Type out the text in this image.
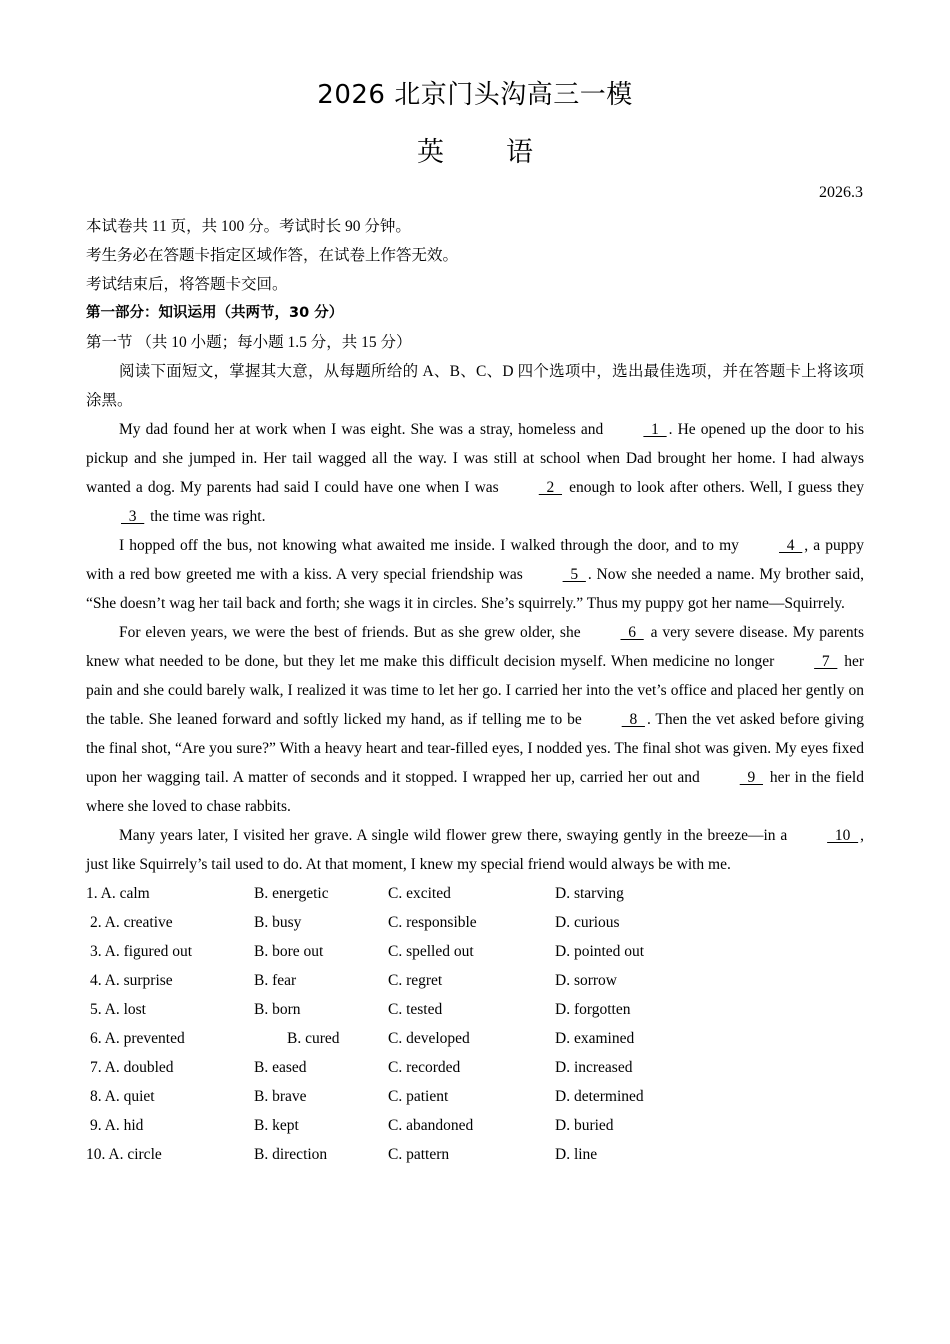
2026 北京门头沟高三一模
英 语
2026.3

本试卷共 11 页，共 100 分。考试时长 90 分钟。

考生务必在答题卡指定区域作答，在试卷上作答无效。

考试结束后，将答题卡交回。

第一部分：知识运用（共两节，30 分）

第一节 （共 10 小题；每小题 1.5 分，共 15 分）

阅读下面短文，掌握其大意，从每题所给的 A、B、C、D 四个选项中，选出最佳选项，并在答题卡上将该项涂黑。

My dad found her at work when I was eight. She was a stray, homeless and   1  . He opened up the door to his pickup and she jumped in. Her tail wagged all the way. I was still at school when Dad brought her home. I had always wanted a dog. My parents had said I could have one when I was   2   enough to look after others. Well, I guess they   3   the time was right.

I hopped off the bus, not knowing what awaited me inside. I walked through the door, and to my   4  , a puppy with a red bow greeted me with a kiss. A very special friendship was   5  . Now she needed a name. My brother said, “She doesn’t wag her tail back and forth; she wags it in circles. She’s squirrely.” Thus my puppy got her name—Squirrely.

For eleven years, we were the best of friends. But as she grew older, she   6   a very severe disease. My parents knew what needed to be done, but they let me make this difficult decision myself. When medicine no longer   7   her pain and she could barely walk, I realized it was time to let her go. I carried her into the vet’s office and placed her gently on the table. She leaned forward and softly licked my hand, as if telling me to be   8  . Then the vet asked before giving the final shot, “Are you sure?” With a heavy heart and tear-filled eyes, I nodded yes. The final shot was given. My eyes fixed upon her wagging tail. A matter of seconds and it stopped. I wrapped her up, carried her out and   9   her in the field where she loved to chase rabbits.

Many years later, I visited her grave. A single wild flower grew there, swaying gently in the breeze—in a   10  , just like Squirrely’s tail used to do. At that moment, I knew my special friend would always be with me.

1. A. calm	B. energetic	C. excited	D. starving
2. A. creative	B. busy	C. responsible	D. curious
3. A. figured out	B. bore out	C. spelled out	D. pointed out
4. A. surprise	B. fear	C. regret	D. sorrow
5. A. lost	B. born	C. tested	D. forgotten
6. A. prevented	B. cured	C. developed	D. examined
7. A. doubled	B. eased	C. recorded	D. increased
8. A. quiet	B. brave	C. patient	D. determined
9. A. hid	B. kept	C. abandoned	D. buried
10. A. circle	B. direction	C. pattern	D. line
